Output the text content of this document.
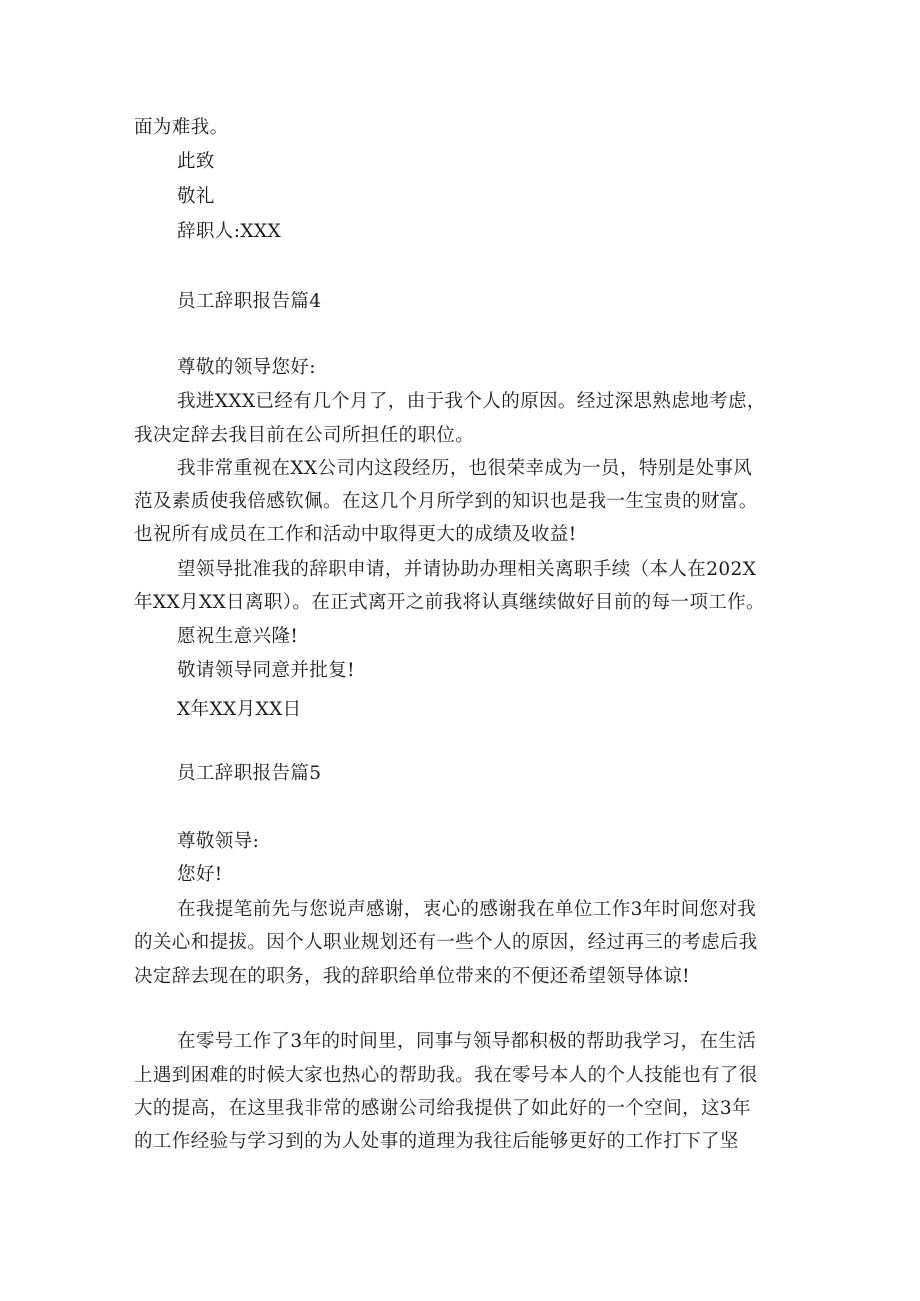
面为难我。
此致
敬礼
辞职人:XXX
员工辞职报告篇4
尊敬的领导您好:
我进XXX已经有几个月了，由于我个人的原因。经过深思熟虑地考虑，
我决定辞去我目前在公司所担任的职位。
我非常重视在XX公司内这段经历，也很荣幸成为一员，特别是处事风
范及素质使我倍感钦佩。在这几个月所学到的知识也是我一生宝贵的财富。
也祝所有成员在工作和活动中取得更大的成绩及收益!
望领导批准我的辞职申请，并请协助办理相关离职手续（本人在202X
年XX月XX日离职）。在正式离开之前我将认真继续做好目前的每一项工作。
愿祝生意兴隆!
敬请领导同意并批复!
X年XX月XX日
员工辞职报告篇5
尊敬领导:
您好!
在我提笔前先与您说声感谢，衷心的感谢我在单位工作3年时间您对我
的关心和提拔。因个人职业规划还有一些个人的原因，经过再三的考虑后我
决定辞去现在的职务，我的辞职给单位带来的不便还希望领导体谅!
在零号工作了3年的时间里，同事与领导都积极的帮助我学习，在生活
上遇到困难的时候大家也热心的帮助我。我在零号本人的个人技能也有了很
大的提高，在这里我非常的感谢公司给我提供了如此好的一个空间，这3年
的工作经验与学习到的为人处事的道理为我往后能够更好的工作打下了坚
